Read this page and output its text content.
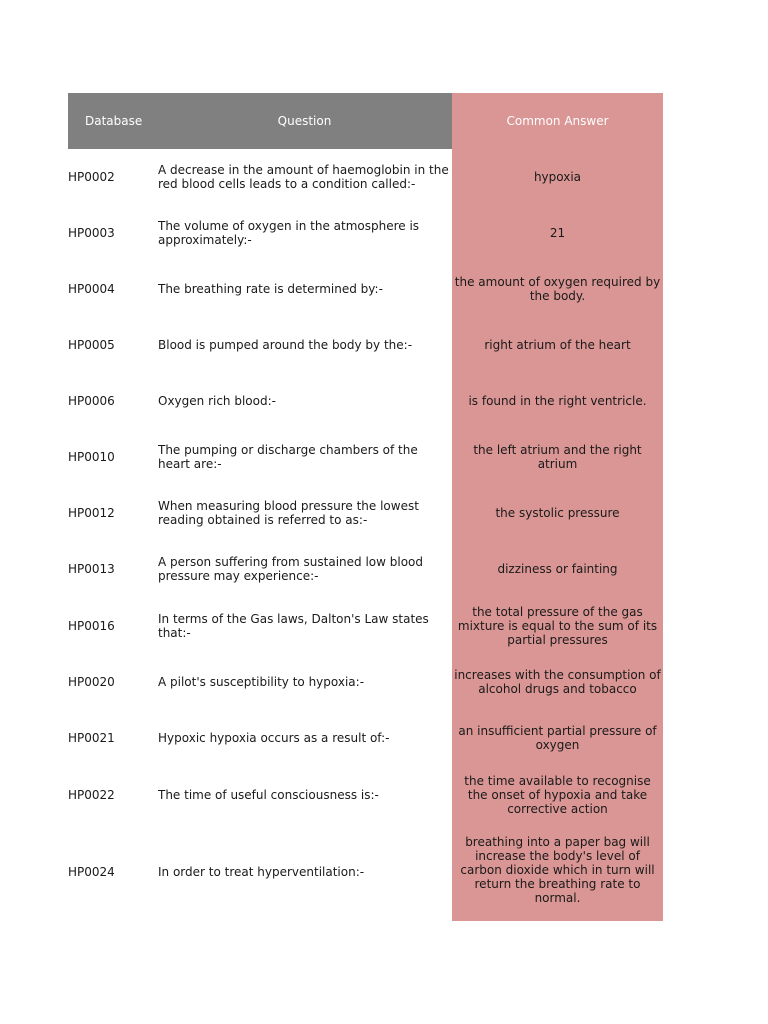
Database	Question	Common Answer
HP0002	A decrease in the amount of haemoglobin in the red blood cells leads to a condition called:-	hypoxia
HP0003	The volume of oxygen in the atmosphere is approximately:-	21
HP0004	The breathing rate is determined by:-	the amount of oxygen required by the body.
HP0005	Blood is pumped around the body by the:-	right atrium of the heart
HP0006	Oxygen rich blood:-	is found in the right ventricle.
HP0010	The pumping or discharge chambers of the heart are:-	the left atrium and the right atrium
HP0012	When measuring blood pressure the lowest reading obtained is referred to as:-	the systolic pressure
HP0013	A person suffering from sustained low blood pressure may experience:-	dizziness or fainting
HP0016	In terms of the Gas laws, Dalton's Law states that:-	the total pressure of the gas mixture is equal to the sum of its partial pressures
HP0020	A pilot's susceptibility to hypoxia:-	increases with the consumption of alcohol drugs and tobacco
HP0021	Hypoxic hypoxia occurs as a result of:-	an insufficient partial pressure of oxygen
HP0022	The time of useful consciousness is:-	the time available to recognise the onset of hypoxia and take corrective action
HP0024	In order to treat hyperventilation:-	breathing into a paper bag will increase the body's level of carbon dioxide which in turn will return the breathing rate to normal.
